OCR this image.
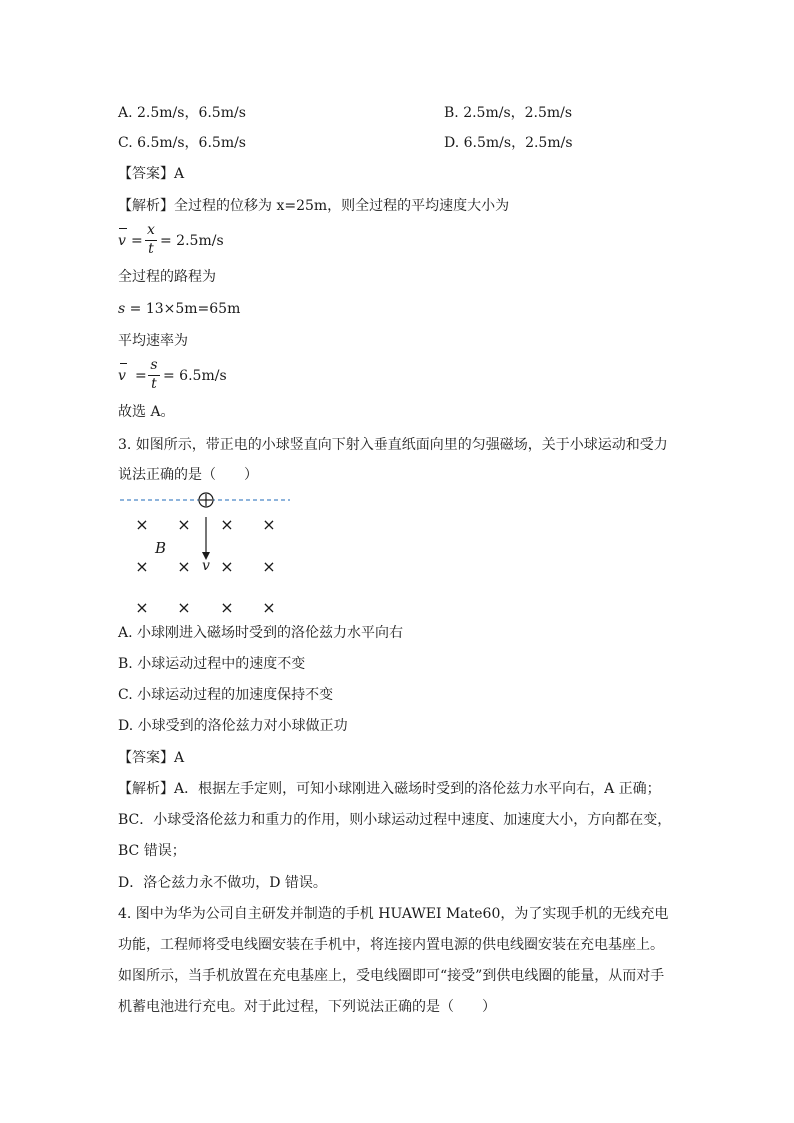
A. 2.5m/s，6.5m/s	B. 2.5m/s，2.5m/s
C. 6.5m/s，6.5m/s	D. 6.5m/s，2.5m/s
【答案】A
【解析】全过程的位移为 x=25m，则全过程的平均速度大小为
v =
x
t = 2.5m/s
全过程的路程为
s = 13×5m=65m
平均速率为
v =
s
t = 6.5m/s
故选 A。
3. 如图所示，带正电的小球竖直向下射入垂直纸面向里的匀强磁场，关于小球运动和受力
说法正确的是（　　）
× × × ×
× × × ×
× × × ×
B
v
A. 小球刚进入磁场时受到的洛伦兹力水平向右
B. 小球运动过程中的速度不变
C. 小球运动过程的加速度保持不变
D. 小球受到的洛伦兹力对小球做正功
【答案】A
【解析】A．根据左手定则，可知小球刚进入磁场时受到的洛伦兹力水平向右，A 正确；
BC．小球受洛伦兹力和重力的作用，则小球运动过程中速度、加速度大小，方向都在变，
BC 错误；
D．洛仑兹力永不做功，D 错误。
4. 图中为华为公司自主研发并制造的手机 HUAWEI Mate60，为了实现手机的无线充电
功能，工程师将受电线圈安装在手机中，将连接内置电源的供电线圈安装在充电基座上。
如图所示，当手机放置在充电基座上，受电线圈即可“接受”到供电线圈的能量，从而对手
机蓄电池进行充电。对于此过程，下列说法正确的是（　　）
